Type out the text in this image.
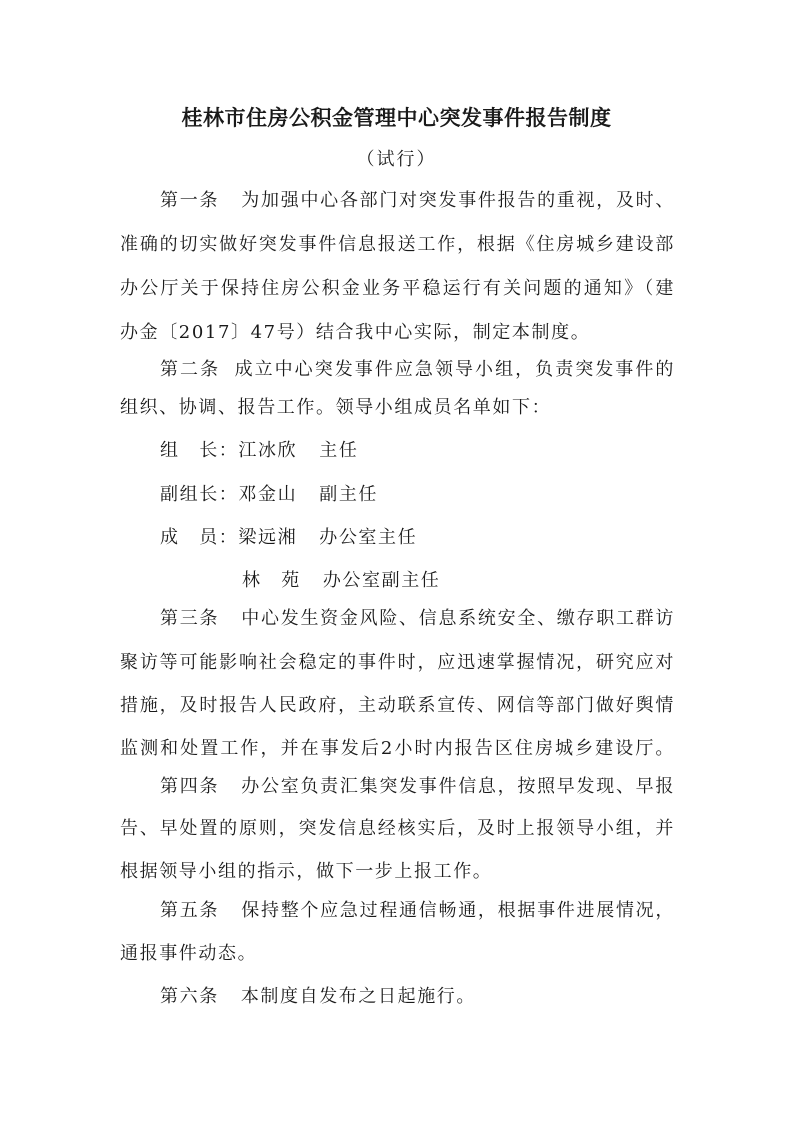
桂林市住房公积金管理中心突发事件报告制度
（试行）
第一条 为加强中心各部门对突发事件报告的重视，及时、
准确的切实做好突发事件信息报送工作，根据《住房城乡建设部
办公厅关于保持住房公积金业务平稳运行有关问题的通知》（建
办金〔2017〕47号）结合我中心实际，制定本制度。
第二条 成立中心突发事件应急领导小组，负责突发事件的
组织、协调、报告工作。领导小组成员名单如下：
组　长：江冰欣 主任
副组长：邓金山 副主任
成　员：梁远湘 办公室主任
林　苑 办公室副主任
第三条 中心发生资金风险、信息系统安全、缴存职工群访
聚访等可能影响社会稳定的事件时，应迅速掌握情况，研究应对
措施，及时报告人民政府，主动联系宣传、网信等部门做好舆情
监测和处置工作，并在事发后2小时内报告区住房城乡建设厅。
第四条 办公室负责汇集突发事件信息，按照早发现、早报
告、早处置的原则，突发信息经核实后，及时上报领导小组，并
根据领导小组的指示，做下一步上报工作。
第五条 保持整个应急过程通信畅通，根据事件进展情况，
通报事件动态。
第六条 本制度自发布之日起施行。
